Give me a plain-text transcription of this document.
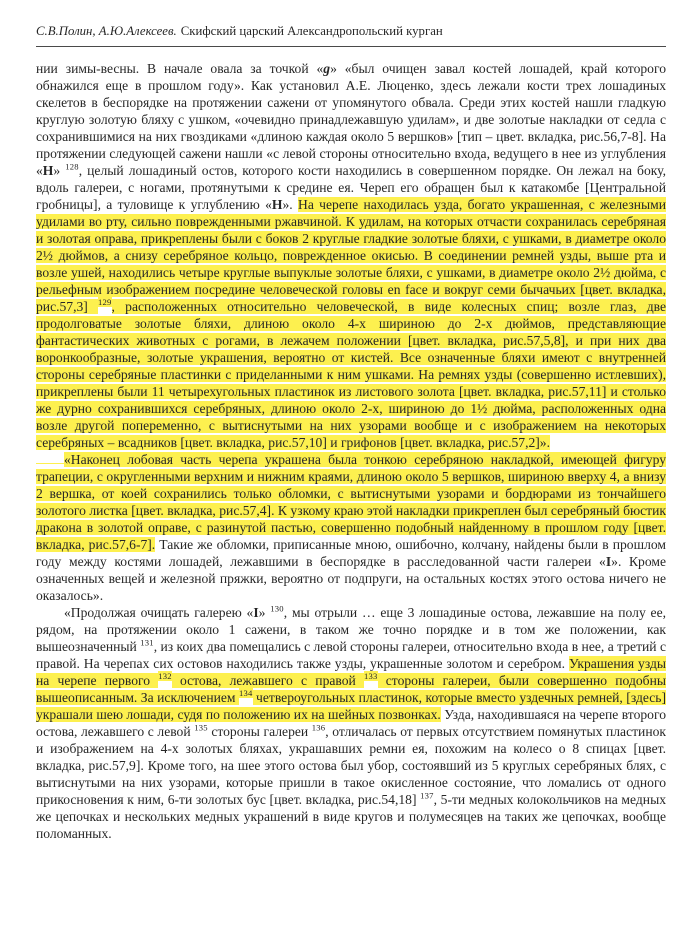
С.В.Полин, А.Ю.Алексеев. Скифский царский Александропольский курган

нии зимы-весны. В начале овала за точкой «g» «был очищен завал костей лошадей, край которого обнажился еще в прошлом году». Как установил А.Е. Люценко, здесь лежали кости трех лошадиных скелетов в беспорядке на протяжении сажени от упомянутого обвала. Среди этих костей нашли гладкую круглую золотую бляху с ушком, «очевидно принадлежавшую удилам», и две золотые накладки от седла с сохранившимися на них гвоздиками «длиною каждая около 5 вершков» [тип – цвет. вкладка, рис.56,7-8]. На протяжении следующей сажени нашли «с левой стороны относительно входа, ведущего в нее из углубления «Н» $^{128}$, целый лошадиный остов, которого кости находились в совершенном порядке. Он лежал на боку, вдоль галереи, с ногами, протянутыми к средине ея. Череп его обращен был к катакомбе [Центральной гробницы], а туловище к углублению «Н». На черепе находилась узда, богато украшенная, с железными удилами во рту, сильно поврежденными ржавчиной. К удилам, на которых отчасти сохранилась серебряная и золотая оправа, прикреплены были с боков 2 круглые гладкие золотые бляхи, с ушками, в диаметре около 2½ дюймов, а снизу серебряное кольцо, поврежденное окисью. В соединении ремней узды, выше рта и возле ушей, находились четыре круглые выпуклые золотые бляхи, с ушками, в диаметре около 2½ дюйма, с рельефным изображением посредине человеческой головы en face и вокруг семи бычачьих [цвет. вкладка, рис.57,3] $^{129}$, расположенных относительно человеческой, в виде колесных спиц; возле глаз, две продолговатые золотые бляхи, длиною около 4-х шириною до 2-х дюймов, представляющие фантастических животных с рогами, в лежачем положении [цвет. вкладка, рис.57,5,8], и при них два воронкообразные, золотые украшения, вероятно от кистей. Все означенные бляхи имеют с внутренней стороны серебряные пластинки с приделанными к ним ушками. На ремнях узды (совершенно истлевших), прикреплены были 11 четырехугольных пластинок из листового золота [цвет. вкладка, рис.57,11] и столько же дурно сохранившихся серебряных, длиною около 2-х, шириною до 1½ дюйма, расположенных одна возле другой попеременно, с вытиснутыми на них узорами вообще и с изображением на некоторых серебряных – всадников [цвет. вкладка, рис.57,10] и грифонов [цвет. вкладка, рис.57,2]».

«Наконец лобовая часть черепа украшена была тонкою серебряною накладкой, имеющей фигуру трапеции, с округленными верхним и нижним краями, длиною около 5 вершков, шириною вверху 4, а внизу 2 вершка, от коей сохранились только обломки, с вытиснутыми узорами и бордюрами из тончайшего золотого листка [цвет. вкладка, рис.57,4]. К узкому краю этой накладки прикреплен был серебряный бюстик дракона в золотой оправе, с разинутой пастью, совершенно подобный найденному в прошлом году [цвет. вкладка, рис.57,6-7]. Такие же обломки, приписанные мною, ошибочно, колчану, найдены были в прошлом году между костями лошадей, лежавшими в беспорядке в расследованной части галереи «I». Кроме означенных вещей и железной пряжки, вероятно от подпруги, на остальных костях этого остова ничего не оказалось».

«Продолжая очищать галерею «I» $^{130}$, мы отрыли … еще 3 лошадиные остова, лежавшие на полу ее, рядом, на протяжении около 1 сажени, в таком же точно порядке и в том же положении, как вышеозначенный $^{131}$, из коих два помещались с левой стороны галереи, относительно входа в нее, а третий с правой. На черепах сих остовов находились также узды, украшенные золотом и серебром. Украшения узды на черепе первого $^{132}$ остова, лежавшего с правой $^{133}$ стороны галереи, были совершенно подобны вышеописанным. За исключением $^{134}$ четвероугольных пластинок, которые вместо уздечных ремней, [здесь] украшали шею лошади, судя по положению их на шейных позвонках. Узда, находившаяся на черепе второго остова, лежавшего с левой $^{135}$ стороны галереи $^{136}$, отличалась от первых отсутствием помянутых пластинок и изображением на 4-х золотых бляхах, украшавших ремни ея, похожим на колесо о 8 спицах [цвет. вкладка, рис.57,9]. Кроме того, на шее этого остова был убор, состоявший из 5 круглых серебряных блях, с вытиснутыми на них узорами, которые пришли в такое окисленное состояние, что ломались от одного прикосновения к ним, 6-ти золотых бус [цвет. вкладка, рис.54,18] $^{137}$, 5-ти медных колокольчиков на медных же цепочках и нескольких медных украшений в виде кругов и полумесяцев на таких же цепочках, вообще поломанных.
